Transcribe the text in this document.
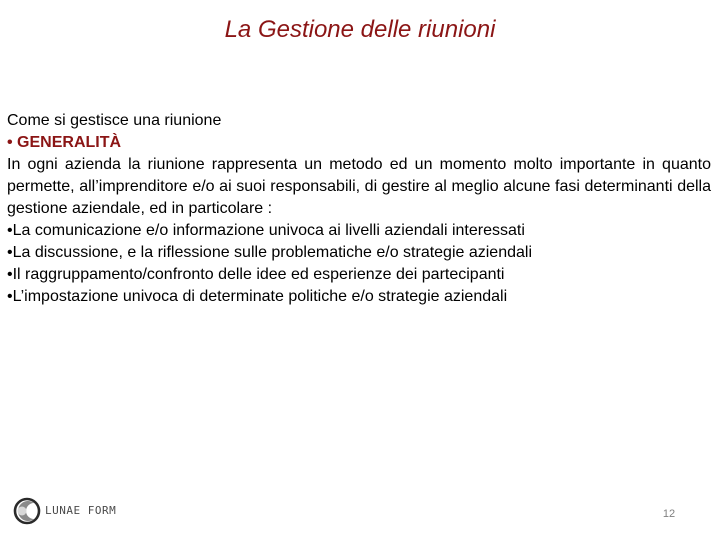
La Gestione delle riunioni
Come si gestisce una riunione
• GENERALITÀ
In ogni azienda la riunione rappresenta un metodo ed un momento molto importante in quanto permette, all’imprenditore e/o ai suoi responsabili, di gestire al meglio alcune fasi determinanti della gestione aziendale, ed in particolare :
•La comunicazione e/o informazione univoca ai livelli aziendali interessati
•La discussione, e la riflessione sulle problematiche e/o strategie aziendali
•Il raggruppamento/confronto delle idee ed esperienze dei partecipanti
•L’impostazione univoca di determinate politiche e/o strategie aziendali
LUNAE FORM	12
